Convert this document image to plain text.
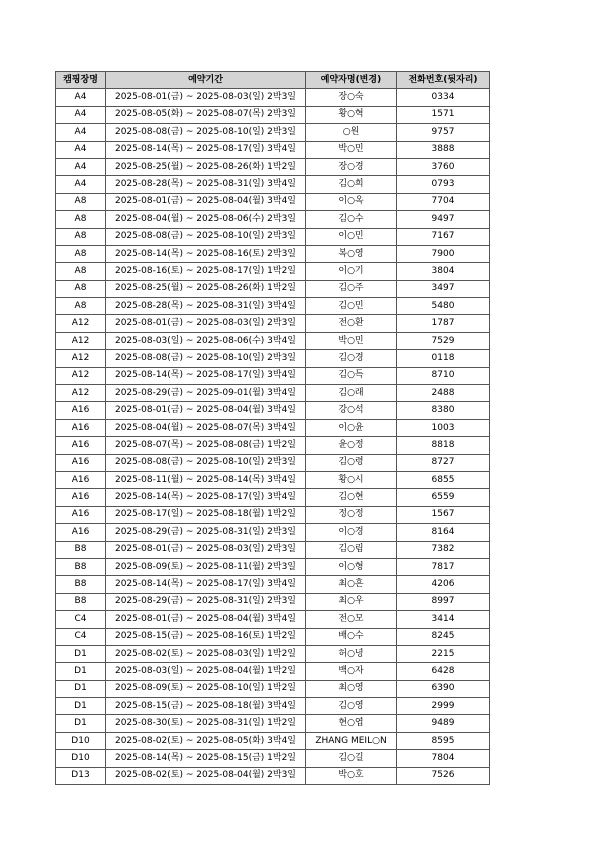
캠핑장명	예약기간	예약자명(변경)	전화번호(뒷자리)
A4	2025-08-01(금) ~ 2025-08-03(일) 2박3일	장○숙	0334
A4	2025-08-05(화) ~ 2025-08-07(목) 2박3일	황○혁	1571
A4	2025-08-08(금) ~ 2025-08-10(일) 2박3일	○원	9757
A4	2025-08-14(목) ~ 2025-08-17(일) 3박4일	박○민	3888
A4	2025-08-25(월) ~ 2025-08-26(화) 1박2일	장○경	3760
A4	2025-08-28(목) ~ 2025-08-31(일) 3박4일	김○희	0793
A8	2025-08-01(금) ~ 2025-08-04(월) 3박4일	이○옥	7704
A8	2025-08-04(월) ~ 2025-08-06(수) 2박3일	김○수	9497
A8	2025-08-08(금) ~ 2025-08-10(일) 2박3일	이○민	7167
A8	2025-08-14(목) ~ 2025-08-16(토) 2박3일	복○영	7900
A8	2025-08-16(토) ~ 2025-08-17(일) 1박2일	이○기	3804
A8	2025-08-25(월) ~ 2025-08-26(화) 1박2일	김○주	3497
A8	2025-08-28(목) ~ 2025-08-31(일) 3박4일	김○민	5480
A12	2025-08-01(금) ~ 2025-08-03(일) 2박3일	전○환	1787
A12	2025-08-03(일) ~ 2025-08-06(수) 3박4일	박○민	7529
A12	2025-08-08(금) ~ 2025-08-10(일) 2박3일	김○경	0118
A12	2025-08-14(목) ~ 2025-08-17(일) 3박4일	김○득	8710
A12	2025-08-29(금) ~ 2025-09-01(월) 3박4일	김○래	2488
A16	2025-08-01(금) ~ 2025-08-04(월) 3박4일	강○석	8380
A16	2025-08-04(월) ~ 2025-08-07(목) 3박4일	이○윤	1003
A16	2025-08-07(목) ~ 2025-08-08(금) 1박2일	윤○정	8818
A16	2025-08-08(금) ~ 2025-08-10(일) 2박3일	김○령	8727
A16	2025-08-11(월) ~ 2025-08-14(목) 3박4일	황○시	6855
A16	2025-08-14(목) ~ 2025-08-17(일) 3박4일	김○현	6559
A16	2025-08-17(일) ~ 2025-08-18(월) 1박2일	정○정	1567
A16	2025-08-29(금) ~ 2025-08-31(일) 2박3일	이○경	8164
B8	2025-08-01(금) ~ 2025-08-03(일) 2박3일	김○림	7382
B8	2025-08-09(토) ~ 2025-08-11(월) 2박3일	이○형	7817
B8	2025-08-14(목) ~ 2025-08-17(일) 3박4일	최○흔	4206
B8	2025-08-29(금) ~ 2025-08-31(일) 2박3일	최○우	8997
C4	2025-08-01(금) ~ 2025-08-04(월) 3박4일	전○모	3414
C4	2025-08-15(금) ~ 2025-08-16(토) 1박2일	배○수	8245
D1	2025-08-02(토) ~ 2025-08-03(일) 1박2일	허○녕	2215
D1	2025-08-03(일) ~ 2025-08-04(월) 1박2일	백○자	6428
D1	2025-08-09(토) ~ 2025-08-10(일) 1박2일	최○영	6390
D1	2025-08-15(금) ~ 2025-08-18(월) 3박4일	김○영	2999
D1	2025-08-30(토) ~ 2025-08-31(일) 1박2일	현○엽	9489
D10	2025-08-02(토) ~ 2025-08-05(화) 3박4일	ZHANG MEIL○N	8595
D10	2025-08-14(목) ~ 2025-08-15(금) 1박2일	김○길	7804
D13	2025-08-02(토) ~ 2025-08-04(월) 2박3일	박○호	7526
